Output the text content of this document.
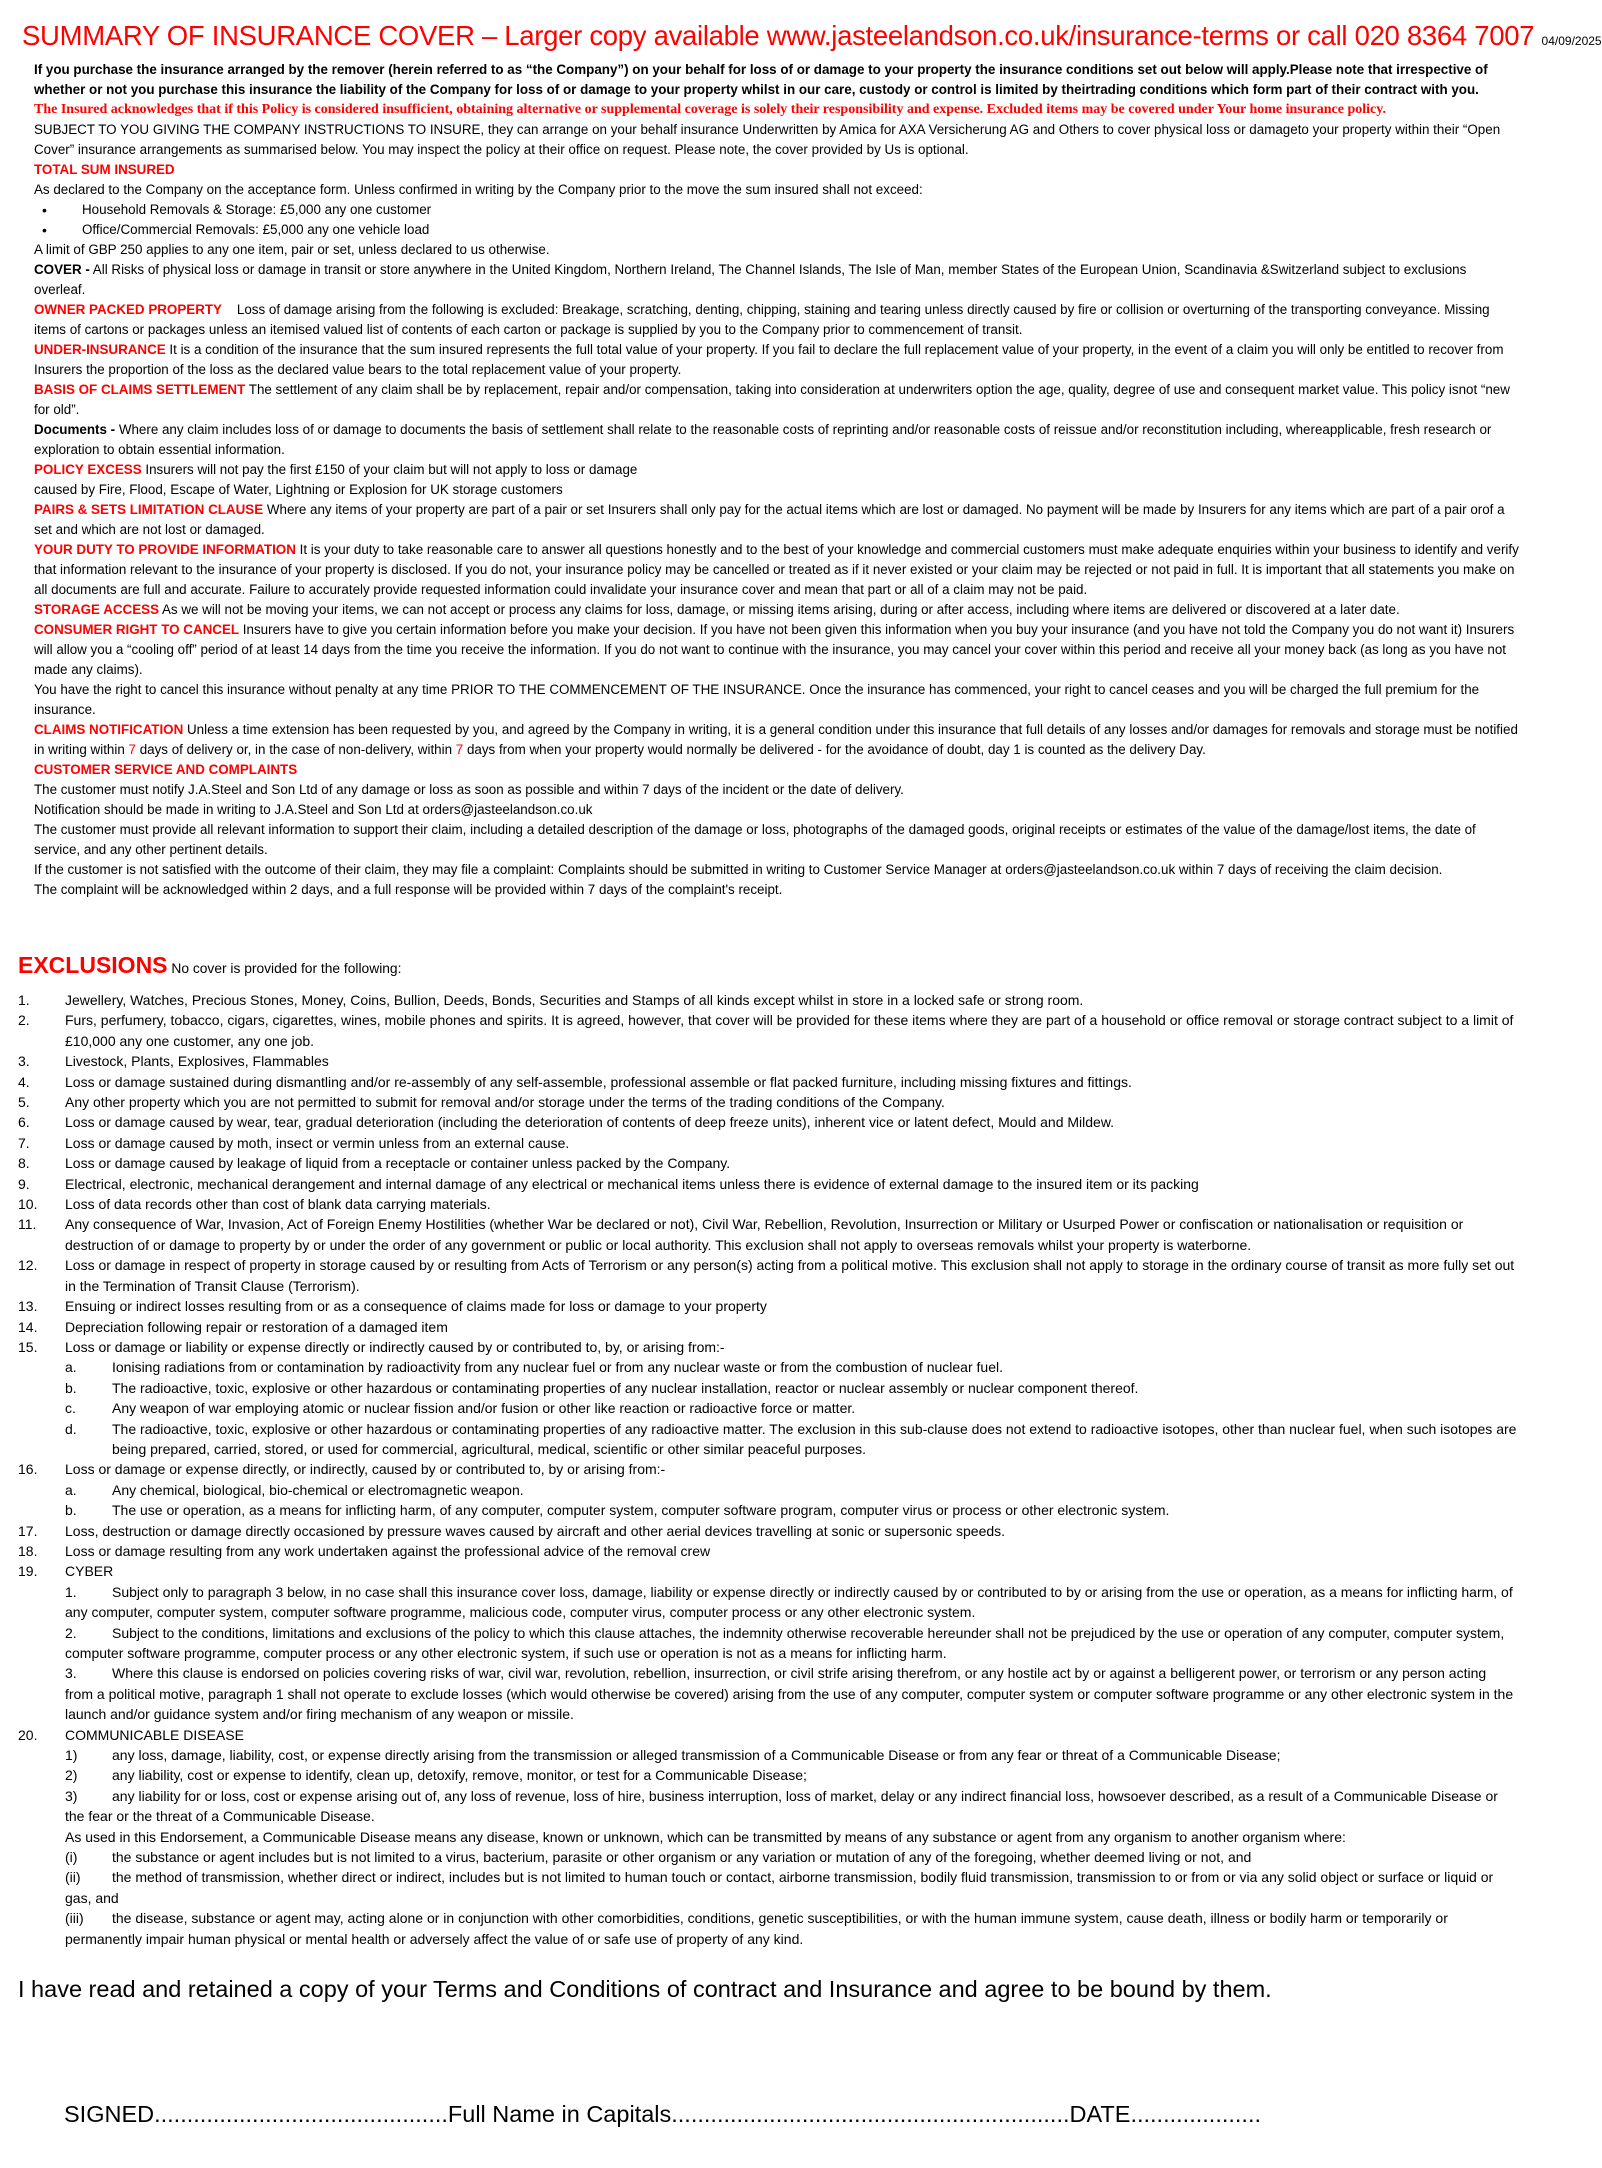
SUMMARY OF INSURANCE COVER – Larger copy available www.jasteelandson.co.uk/insurance-terms or call 020 8364 7007 04/09/2025
If you purchase the insurance arranged by the remover (herein referred to as “the Company”) on your behalf for loss of or damage to your property the insurance conditions set out below will apply.Please note that irrespective of whether or not you purchase this insurance the liability of the Company for loss of or damage to your property whilst in our care, custody or control is limited by theirtrading conditions which form part of their contract with you.
The Insured acknowledges that if this Policy is considered insufficient, obtaining alternative or supplemental coverage is solely their responsibility and expense. Excluded items may be covered under Your home insurance policy.
SUBJECT TO YOU GIVING THE COMPANY INSTRUCTIONS TO INSURE, they can arrange on your behalf insurance Underwritten by Amica for AXA Versicherung AG and Others to cover physical loss or damageto your property within their “Open Cover” insurance arrangements as summarised below. You may inspect the policy at their office on request. Please note, the cover provided by Us is optional.
TOTAL SUM INSURED
As declared to the Company on the acceptance form. Unless confirmed in writing by the Company prior to the move the sum insured shall not exceed:
• Household Removals & Storage: £5,000 any one customer
• Office/Commercial Removals: £5,000 any one vehicle load
A limit of GBP 250 applies to any one item, pair or set, unless declared to us otherwise.
COVER - All Risks of physical loss or damage in transit or store anywhere in the United Kingdom, Northern Ireland, The Channel Islands, The Isle of Man, member States of the European Union, Scandinavia &Switzerland subject to exclusions overleaf.
OWNER PACKED PROPERTY Loss of damage arising from the following is excluded: Breakage, scratching, denting, chipping, staining and tearing unless directly caused by fire or collision or overturning of the transporting conveyance. Missing items of cartons or packages unless an itemised valued list of contents of each carton or package is supplied by you to the Company prior to commencement of transit.
UNDER-INSURANCE It is a condition of the insurance that the sum insured represents the full total value of your property. If you fail to declare the full replacement value of your property, in the event of a claim you will only be entitled to recover from Insurers the proportion of the loss as the declared value bears to the total replacement value of your property.
BASIS OF CLAIMS SETTLEMENT The settlement of any claim shall be by replacement, repair and/or compensation, taking into consideration at underwriters option the age, quality, degree of use and consequent market value. This policy isnot “new for old”.
Documents - Where any claim includes loss of or damage to documents the basis of settlement shall relate to the reasonable costs of reprinting and/or reasonable costs of reissue and/or reconstitution including, whereapplicable, fresh research or exploration to obtain essential information.
POLICY EXCESS Insurers will not pay the first £150 of your claim but will not apply to loss or damage
caused by Fire, Flood, Escape of Water, Lightning or Explosion for UK storage customers
PAIRS & SETS LIMITATION CLAUSE Where any items of your property are part of a pair or set Insurers shall only pay for the actual items which are lost or damaged. No payment will be made by Insurers for any items which are part of a pair orof a set and which are not lost or damaged.
YOUR DUTY TO PROVIDE INFORMATION It is your duty to take reasonable care to answer all questions honestly and to the best of your knowledge and commercial customers must make adequate enquiries within your business to identify and verify that information relevant to the insurance of your property is disclosed. If you do not, your insurance policy may be cancelled or treated as if it never existed or your claim may be rejected or not paid in full. It is important that all statements you make on all documents are full and accurate. Failure to accurately provide requested information could invalidate your insurance cover and mean that part or all of a claim may not be paid.
STORAGE ACCESS As we will not be moving your items, we can not accept or process any claims for loss, damage, or missing items arising, during or after access, including where items are delivered or discovered at a later date.
CONSUMER RIGHT TO CANCEL Insurers have to give you certain information before you make your decision. If you have not been given this information when you buy your insurance (and you have not told the Company you do not want it) Insurers will allow you a “cooling off” period of at least 14 days from the time you receive the information. If you do not want to continue with the insurance, you may cancel your cover within this period and receive all your money back (as long as you have not made any claims).
You have the right to cancel this insurance without penalty at any time PRIOR TO THE COMMENCEMENT OF THE INSURANCE. Once the insurance has commenced, your right to cancel ceases and you will be charged the full premium for the insurance.
CLAIMS NOTIFICATION Unless a time extension has been requested by you, and agreed by the Company in writing, it is a general condition under this insurance that full details of any losses and/or damages for removals and storage must be notified in writing within 7 days of delivery or, in the case of non-delivery, within 7 days from when your property would normally be delivered - for the avoidance of doubt, day 1 is counted as the delivery Day.
CUSTOMER SERVICE AND COMPLAINTS
The customer must notify J.A.Steel and Son Ltd of any damage or loss as soon as possible and within 7 days of the incident or the date of delivery.
Notification should be made in writing to J.A.Steel and Son Ltd at orders@jasteelandson.co.uk
The customer must provide all relevant information to support their claim, including a detailed description of the damage or loss, photographs of the damaged goods, original receipts or estimates of the value of the damage/lost items, the date of service, and any other pertinent details.
If the customer is not satisfied with the outcome of their claim, they may file a complaint: Complaints should be submitted in writing to Customer Service Manager at orders@jasteelandson.co.uk within 7 days of receiving the claim decision.
The complaint will be acknowledged within 2 days, and a full response will be provided within 7 days of the complaint's receipt.
EXCLUSIONS No cover is provided for the following:
1.	Jewellery, Watches, Precious Stones, Money, Coins, Bullion, Deeds, Bonds, Securities and Stamps of all kinds except whilst in store in a locked safe or strong room.
2.	Furs, perfumery, tobacco, cigars, cigarettes, wines, mobile phones and spirits. It is agreed, however, that cover will be provided for these items where they are part of a household or office removal or storage contract subject to a limit of £10,000 any one customer, any one job.
3.	Livestock, Plants, Explosives, Flammables
4.	Loss or damage sustained during dismantling and/or re-assembly of any self-assemble, professional assemble or flat packed furniture, including missing fixtures and fittings.
5.	Any other property which you are not permitted to submit for removal and/or storage under the terms of the trading conditions of the Company.
6.	Loss or damage caused by wear, tear, gradual deterioration (including the deterioration of contents of deep freeze units), inherent vice or latent defect, Mould and Mildew.
7.	Loss or damage caused by moth, insect or vermin unless from an external cause.
8.	Loss or damage caused by leakage of liquid from a receptacle or container unless packed by the Company.
9.	Electrical, electronic, mechanical derangement and internal damage of any electrical or mechanical items unless there is evidence of external damage to the insured item or its packing
10. Loss of data records other than cost of blank data carrying materials.
11. Any consequence of War, Invasion, Act of Foreign Enemy Hostilities (whether War be declared or not), Civil War, Rebellion, Revolution, Insurrection or Military or Usurped Power or confiscation or nationalisation or requisition or destruction of or damage to property by or under the order of any government or public or local authority. This exclusion shall not apply to overseas removals whilst your property is waterborne.
12. Loss or damage in respect of property in storage caused by or resulting from Acts of Terrorism or any person(s) acting from a political motive. This exclusion shall not apply to storage in the ordinary course of transit as more fully set out in the Termination of Transit Clause (Terrorism).
13. Ensuing or indirect losses resulting from or as a consequence of claims made for loss or damage to your property
14. Depreciation following repair or restoration of a damaged item
15. Loss or damage or liability or expense directly or indirectly caused by or contributed to, by, or arising from:-
a.	Ionising radiations from or contamination by radioactivity from any nuclear fuel or from any nuclear waste or from the combustion of nuclear fuel.
b.	The radioactive, toxic, explosive or other hazardous or contaminating properties of any nuclear installation, reactor or nuclear assembly or nuclear component thereof.
c.	Any weapon of war employing atomic or nuclear fission and/or fusion or other like reaction or radioactive force or matter.
d.	The radioactive, toxic, explosive or other hazardous or contaminating properties of any radioactive matter. The exclusion in this sub-clause does not extend to radioactive isotopes, other than nuclear fuel, when such isotopes are being prepared, carried, stored, or used for commercial, agricultural, medical, scientific or other similar peaceful purposes.
16. Loss or damage or expense directly, or indirectly, caused by or contributed to, by or arising from:-
a.	Any chemical, biological, bio-chemical or electromagnetic weapon.
b.	The use or operation, as a means for inflicting harm, of any computer, computer system, computer software program, computer virus or process or other electronic system.
17. Loss, destruction or damage directly occasioned by pressure waves caused by aircraft and other aerial devices travelling at sonic or supersonic speeds.
18. Loss or damage resulting from any work undertaken against the professional advice of the removal crew
19. CYBER
1.	Subject only to paragraph 3 below, in no case shall this insurance cover loss, damage, liability or expense directly or indirectly caused by or contributed to by or arising from the use or operation, as a means for inflicting harm, of any computer, computer system, computer software programme, malicious code, computer virus, computer process or any other electronic system.
2.	Subject to the conditions, limitations and exclusions of the policy to which this clause attaches, the indemnity otherwise recoverable hereunder shall not be prejudiced by the use or operation of any computer, computer system, computer software programme, computer process or any other electronic system, if such use or operation is not as a means for inflicting harm.
3.	Where this clause is endorsed on policies covering risks of war, civil war, revolution, rebellion, insurrection, or civil strife arising therefrom, or any hostile act by or against a belligerent power, or terrorism or any person acting from a political motive, paragraph 1 shall not operate to exclude losses (which would otherwise be covered) arising from the use of any computer, computer system or computer software programme or any other electronic system in the launch and/or guidance system and/or firing mechanism of any weapon or missile.
20. COMMUNICABLE DISEASE
1) any loss, damage, liability, cost, or expense directly arising from the transmission or alleged transmission of a Communicable Disease or from any fear or threat of a Communicable Disease;
2) any liability, cost or expense to identify, clean up, detoxify, remove, monitor, or test for a Communicable Disease;
3) any liability for or loss, cost or expense arising out of, any loss of revenue, loss of hire, business interruption, loss of market, delay or any indirect financial loss, howsoever described, as a result of a Communicable Disease or the fear or the threat of a Communicable Disease.
As used in this Endorsement, a Communicable Disease means any disease, known or unknown, which can be transmitted by means of any substance or agent from any organism to another organism where:
(i) the substance or agent includes but is not limited to a virus, bacterium, parasite or other organism or any variation or mutation of any of the foregoing, whether deemed living or not, and
(ii) the method of transmission, whether direct or indirect, includes but is not limited to human touch or contact, airborne transmission, bodily fluid transmission, transmission to or from or via any solid object or surface or liquid or gas, and
(iii) the disease, substance or agent may, acting alone or in conjunction with other comorbidities, conditions, genetic susceptibilities, or with the human immune system, cause death, illness or bodily harm or temporarily or permanently impair human physical or mental health or adversely affect the value of or safe use of property of any kind.
I have read and retained a copy of your Terms and Conditions of contract and Insurance and agree to be bound by them.
SIGNED.............................................Full Name in Capitals.............................................................DATE....................
